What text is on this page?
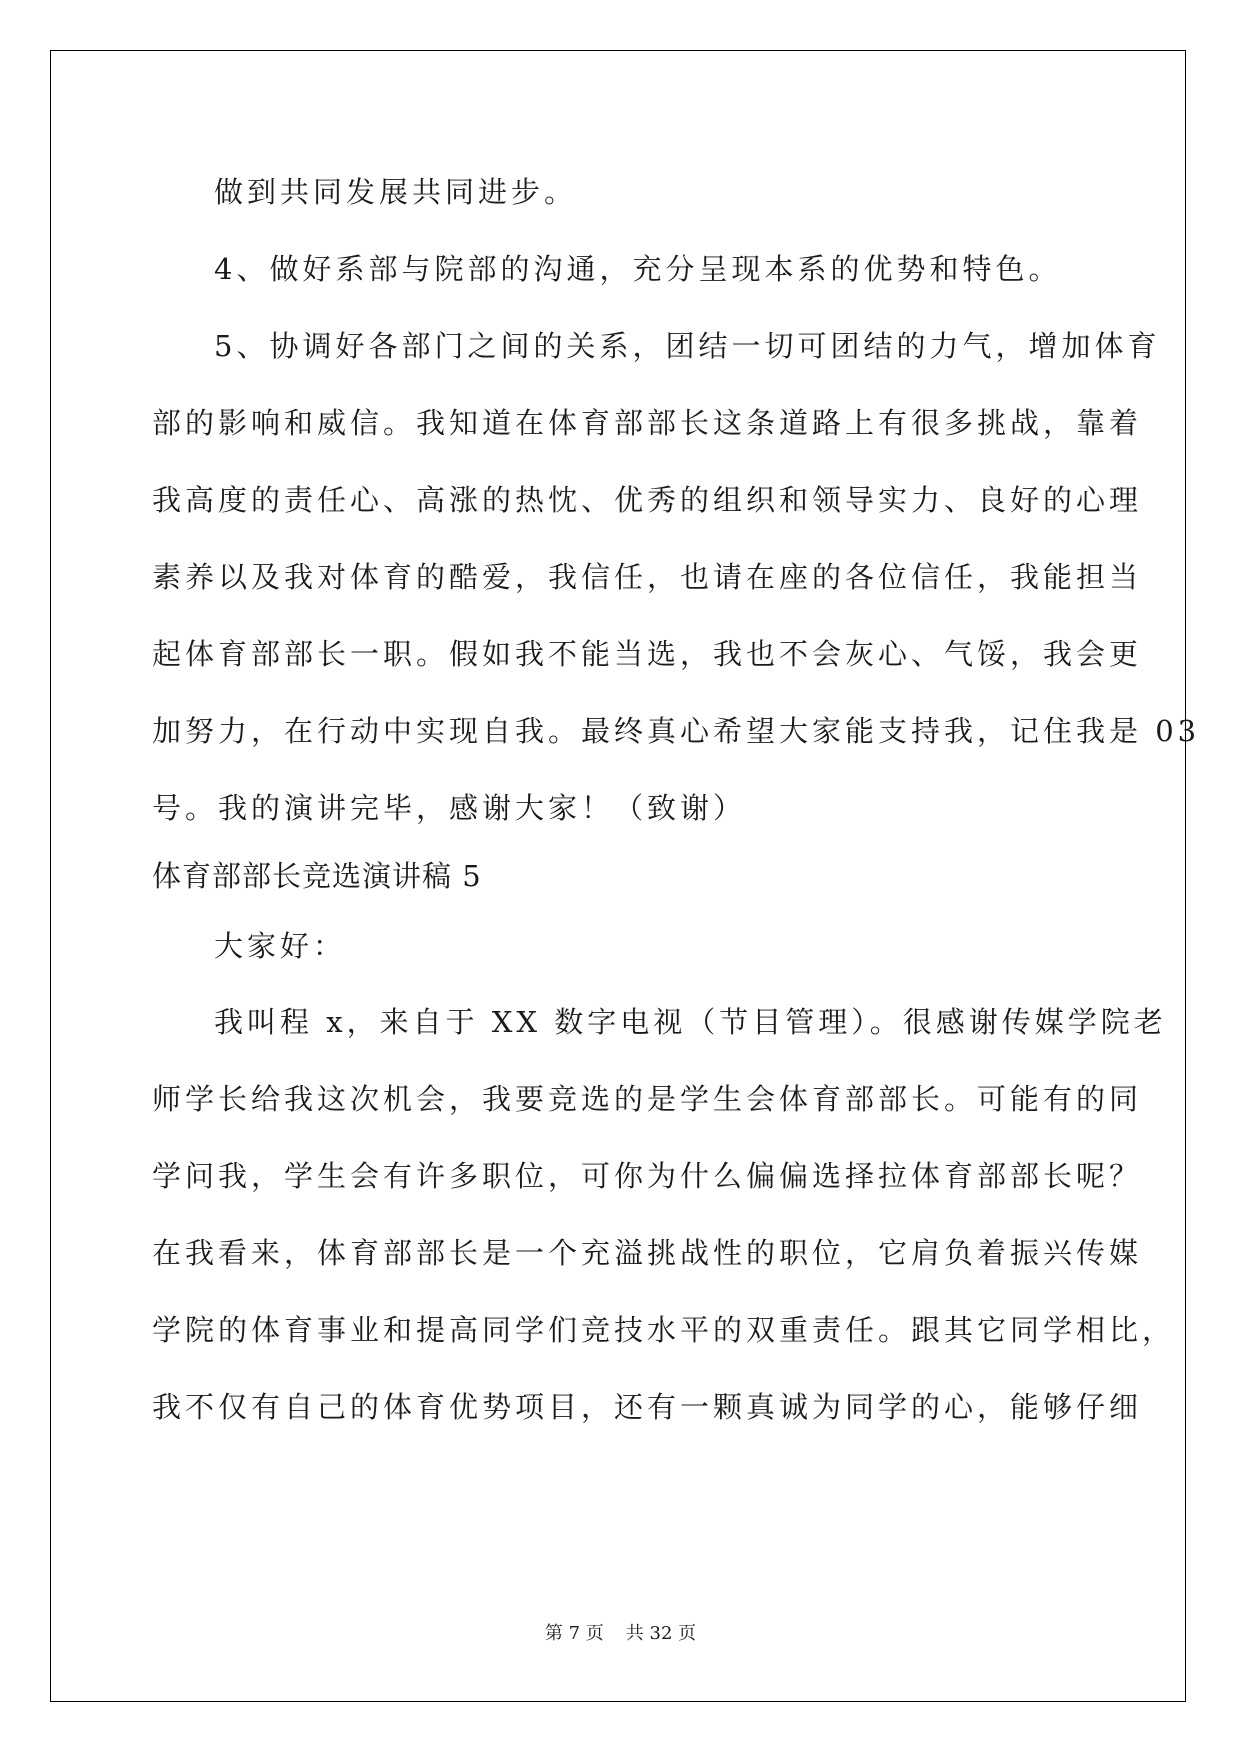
做到共同发展共同进步。
4、做好系部与院部的沟通，充分呈现本系的优势和特色。
5、协调好各部门之间的关系，团结一切可团结的力气，增加体育
部的影响和威信。我知道在体育部部长这条道路上有很多挑战，靠着
我高度的责任心、高涨的热忱、优秀的组织和领导实力、良好的心理
素养以及我对体育的酷爱，我信任，也请在座的各位信任，我能担当
起体育部部长一职。假如我不能当选，我也不会灰心、气馁，我会更
加努力，在行动中实现自我。最终真心希望大家能支持我，记住我是 03
号。我的演讲完毕，感谢大家！（致谢）
体育部部长竞选演讲稿 5
大家好：
我叫程 x，来自于 XX 数字电视（节目管理）。很感谢传媒学院老
师学长给我这次机会，我要竞选的是学生会体育部部长。可能有的同
学问我，学生会有许多职位，可你为什么偏偏选择拉体育部部长呢？
在我看来，体育部部长是一个充溢挑战性的职位，它肩负着振兴传媒
学院的体育事业和提高同学们竞技水平的双重责任。跟其它同学相比，
我不仅有自己的体育优势项目，还有一颗真诚为同学的心，能够仔细
第 7 页 共 32 页
